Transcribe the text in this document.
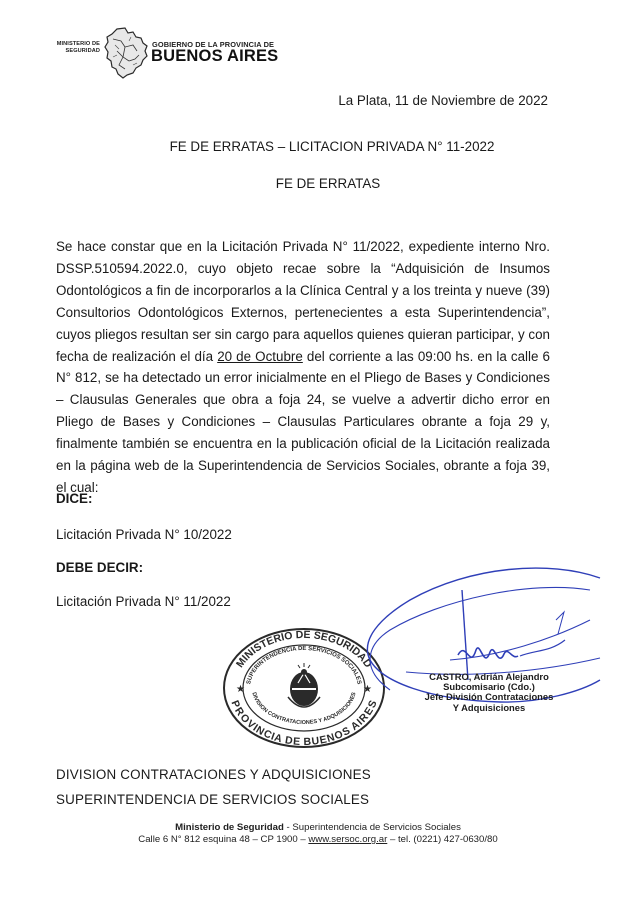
MINISTERIO DE
SEGURIDAD
GOBIERNO DE LA PROVINCIA DE
BUENOS AIRES
La Plata, 11 de Noviembre de 2022
FE DE ERRATAS – LICITACION PRIVADA N° 11-2022
FE DE ERRATAS
Se hace constar que en la Licitación Privada N° 11/2022, expediente interno Nro. DSSP.510594.2022.0, cuyo objeto recae sobre la “Adquisición de Insumos Odontológicos a fin de incorporarlos a la Clínica Central y a los treinta y nueve (39) Consultorios Odontológicos Externos, pertenecientes a esta Superintendencia”, cuyos pliegos resultan ser sin cargo para aquellos quienes quieran participar, y con fecha de realización el día 20 de Octubre del corriente a las 09:00 hs. en la calle 6 N° 812, se ha detectado un error inicialmente en el Pliego de Bases y Condiciones – Clausulas Generales que obra a foja 24, se vuelve a advertir dicho error en Pliego de Bases y Condiciones – Clausulas Particulares obrante a foja 29 y, finalmente también se encuentra en la publicación oficial de la Licitación realizada en la página web de la Superintendencia de Servicios Sociales, obrante a foja 39, el cual:
DICE:
Licitación Privada N° 10/2022
DEBE DECIR:
Licitación Privada N° 11/2022
MINISTERIO DE SEGURIDAD
SUPERINTENDENCIA DE SERVICIOS SOCIALES
DIVISION CONTRATACIONES Y ADQUISICIONES
PROVINCIA DE BUENOS AIRES
★	★
CASTRO, Adrián Alejandro
Subcomisario (Cdo.)
Jefe División Contrataciones
Y Adquisiciones
DIVISION CONTRATACIONES Y ADQUISICIONES
SUPERINTENDENCIA DE SERVICIOS SOCIALES
Ministerio de Seguridad - Superintendencia de Servicios Sociales
Calle 6 N° 812 esquina 48 – CP 1900 – www.sersoc.org.ar – tel. (0221) 427-0630/80
